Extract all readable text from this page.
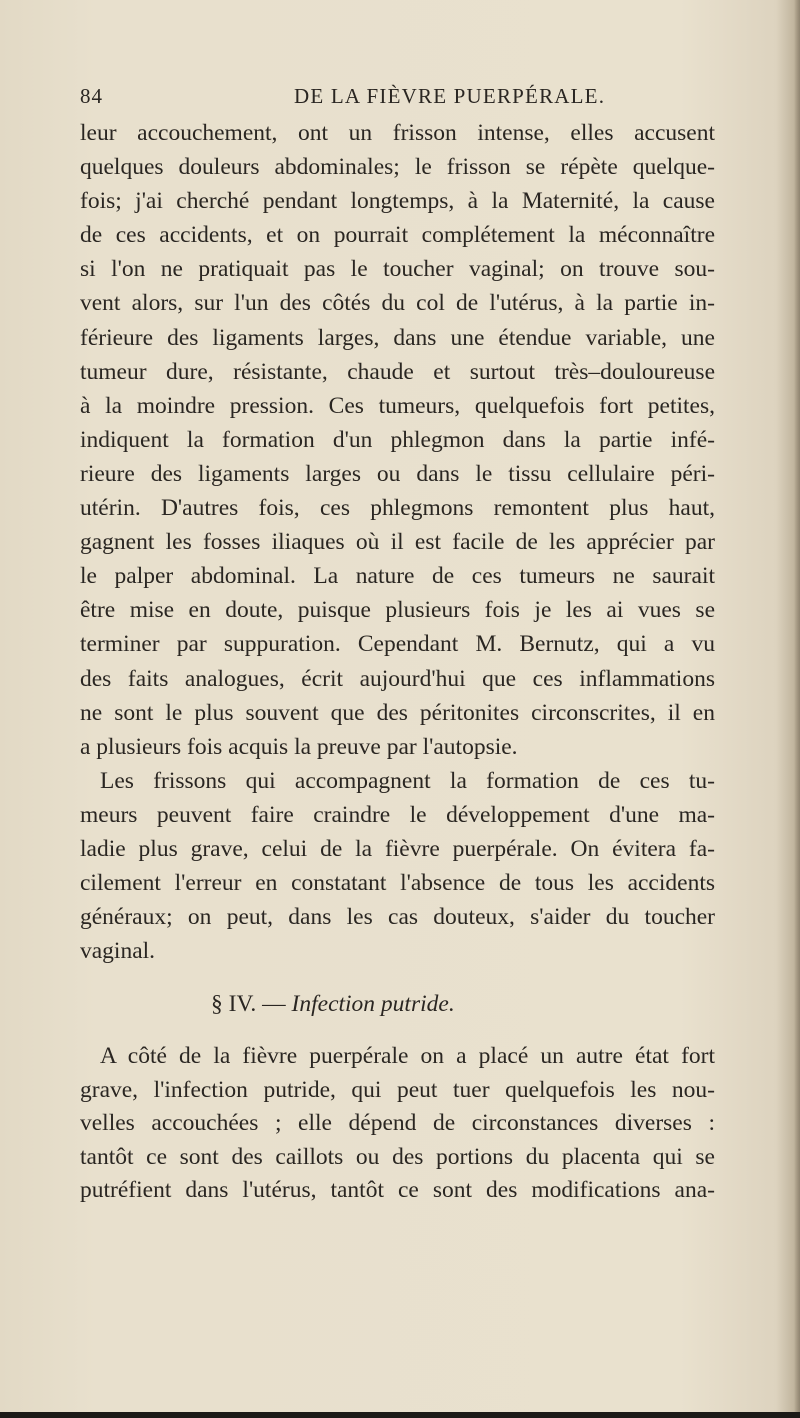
84	DE LA FIÈVRE PUERPÉRALE.
leur accouchement, ont un frisson intense, elles accusent
quelques douleurs abdominales; le frisson se répète quelque-
fois; j'ai cherché pendant longtemps, à la Maternité, la cause
de ces accidents, et on pourrait complétement la méconnaître
si l'on ne pratiquait pas le toucher vaginal; on trouve sou-
vent alors, sur l'un des côtés du col de l'utérus, à la partie in-
férieure des ligaments larges, dans une étendue variable, une
tumeur dure, résistante, chaude et surtout très–douloureuse
à la moindre pression. Ces tumeurs, quelquefois fort petites,
indiquent la formation d'un phlegmon dans la partie infé-
rieure des ligaments larges ou dans le tissu cellulaire péri-
utérin. D'autres fois, ces phlegmons remontent plus haut,
gagnent les fosses iliaques où il est facile de les apprécier par
le palper abdominal. La nature de ces tumeurs ne saurait
être mise en doute, puisque plusieurs fois je les ai vues se
terminer par suppuration. Cependant M. Bernutz, qui a vu
des faits analogues, écrit aujourd'hui que ces inflammations
ne sont le plus souvent que des péritonites circonscrites, il en
a plusieurs fois acquis la preuve par l'autopsie.
Les frissons qui accompagnent la formation de ces tu-
meurs peuvent faire craindre le développement d'une ma-
ladie plus grave, celui de la fièvre puerpérale. On évitera fa-
cilement l'erreur en constatant l'absence de tous les accidents
généraux; on peut, dans les cas douteux, s'aider du toucher
vaginal.
§ IV. — Infection putride.
A côté de la fièvre puerpérale on a placé un autre état fort
grave, l'infection putride, qui peut tuer quelquefois les nou-
velles accouchées ; elle dépend de circonstances diverses :
tantôt ce sont des caillots ou des portions du placenta qui se
putréfient dans l'utérus, tantôt ce sont des modifications ana-
